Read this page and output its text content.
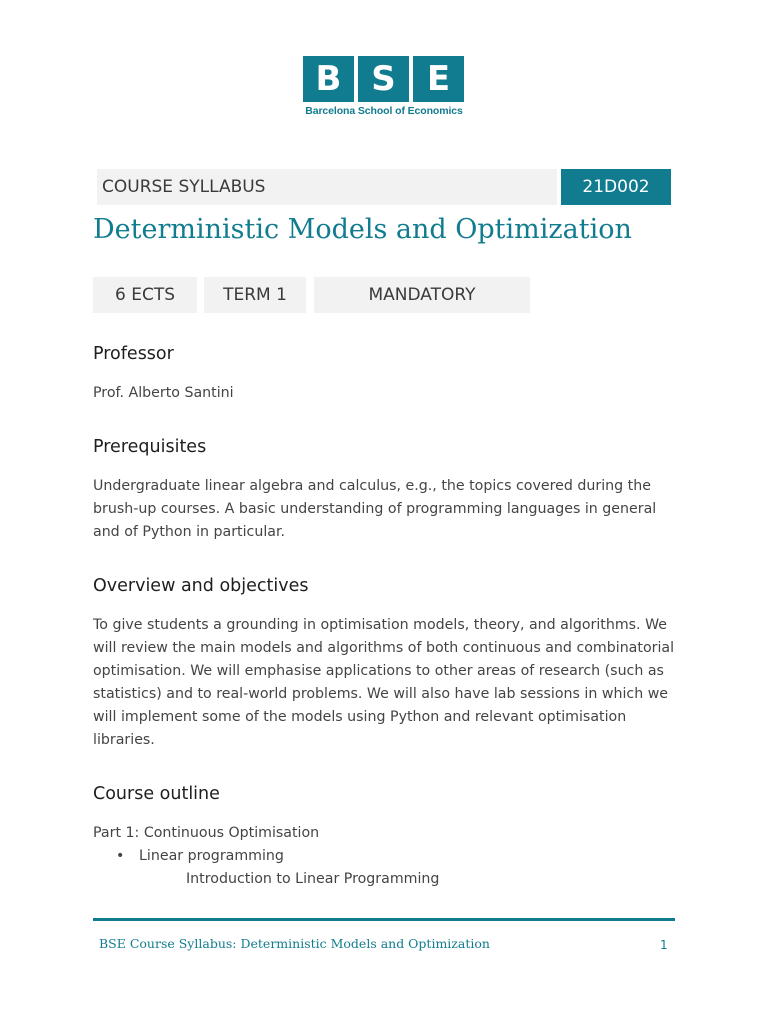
B S E
Barcelona School of Economics
COURSE SYLLABUS	21D002
Deterministic Models and Optimization
6 ECTS	TERM 1	MANDATORY
Professor

Prof. Alberto Santini

Prerequisites

Undergraduate linear algebra and calculus, e.g., the topics covered during the brush-up courses. A basic understanding of programming languages in general and of Python in particular.

Overview and objectives

To give students a grounding in optimisation models, theory, and algorithms. We will review the main models and algorithms of both continuous and combinatorial optimisation. We will emphasise applications to other areas of research (such as statistics) and to real-world problems. We will also have lab sessions in which we will implement some of the models using Python and relevant optimisation libraries.

Course outline

Part 1: Continuous Optimisation

• Linear programming
Introduction to Linear Programming
BSE Course Syllabus: Deterministic Models and Optimization	1
